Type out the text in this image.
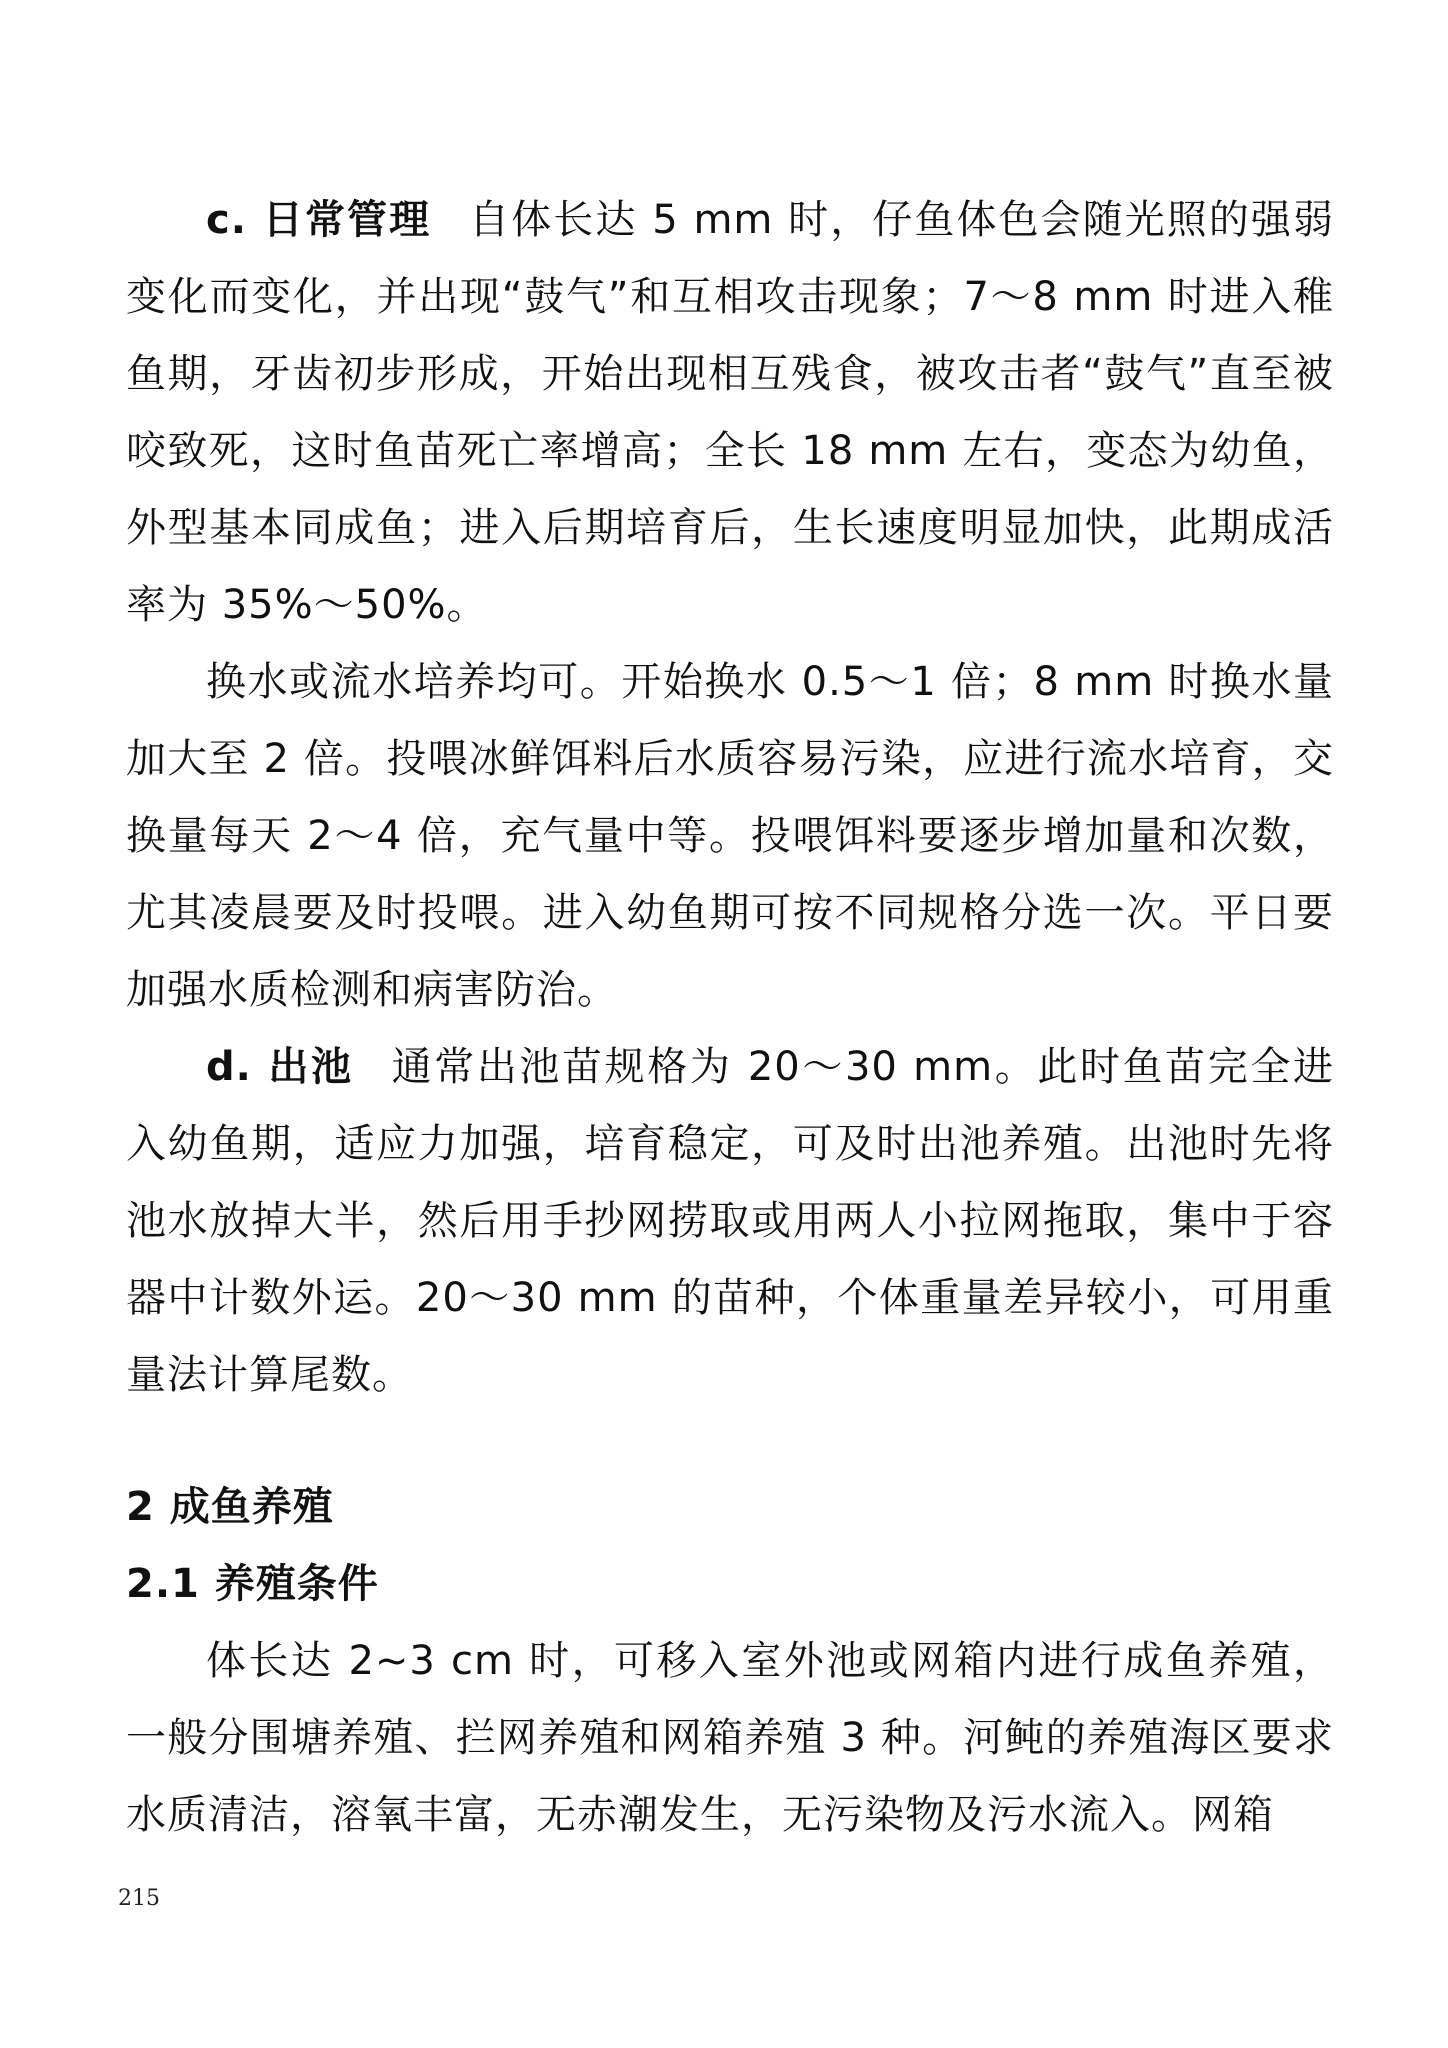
c. 日常管理 自体长达 5 mm 时，仔鱼体色会随光照的强弱变化而变化，并出现“鼓气”和互相攻击现象；7～8 mm 时进入稚鱼期，牙齿初步形成，开始出现相互残食，被攻击者“鼓气”直至被咬致死，这时鱼苗死亡率增高；全长 18 mm 左右，变态为幼鱼，外型基本同成鱼；进入后期培育后，生长速度明显加快，此期成活率为 35%～50%。

换水或流水培养均可。开始换水 0.5～1 倍；8 mm 时换水量加大至 2 倍。投喂冰鲜饵料后水质容易污染，应进行流水培育，交换量每天 2～4 倍，充气量中等。投喂饵料要逐步增加量和次数，尤其凌晨要及时投喂。进入幼鱼期可按不同规格分选一次。平日要加强水质检测和病害防治。

d. 出池 通常出池苗规格为 20～30 mm。此时鱼苗完全进入幼鱼期，适应力加强，培育稳定，可及时出池养殖。出池时先将池水放掉大半，然后用手抄网捞取或用两人小拉网拖取，集中于容器中计数外运。20～30 mm 的苗种，个体重量差异较小，可用重量法计算尾数。

2 成鱼养殖
2.1 养殖条件

体长达 2~3 cm 时，可移入室外池或网箱内进行成鱼养殖，一般分围塘养殖、拦网养殖和网箱养殖 3 种。河鲀的养殖海区要求水质清洁，溶氧丰富，无赤潮发生，无污染物及污水流入。网箱

215
